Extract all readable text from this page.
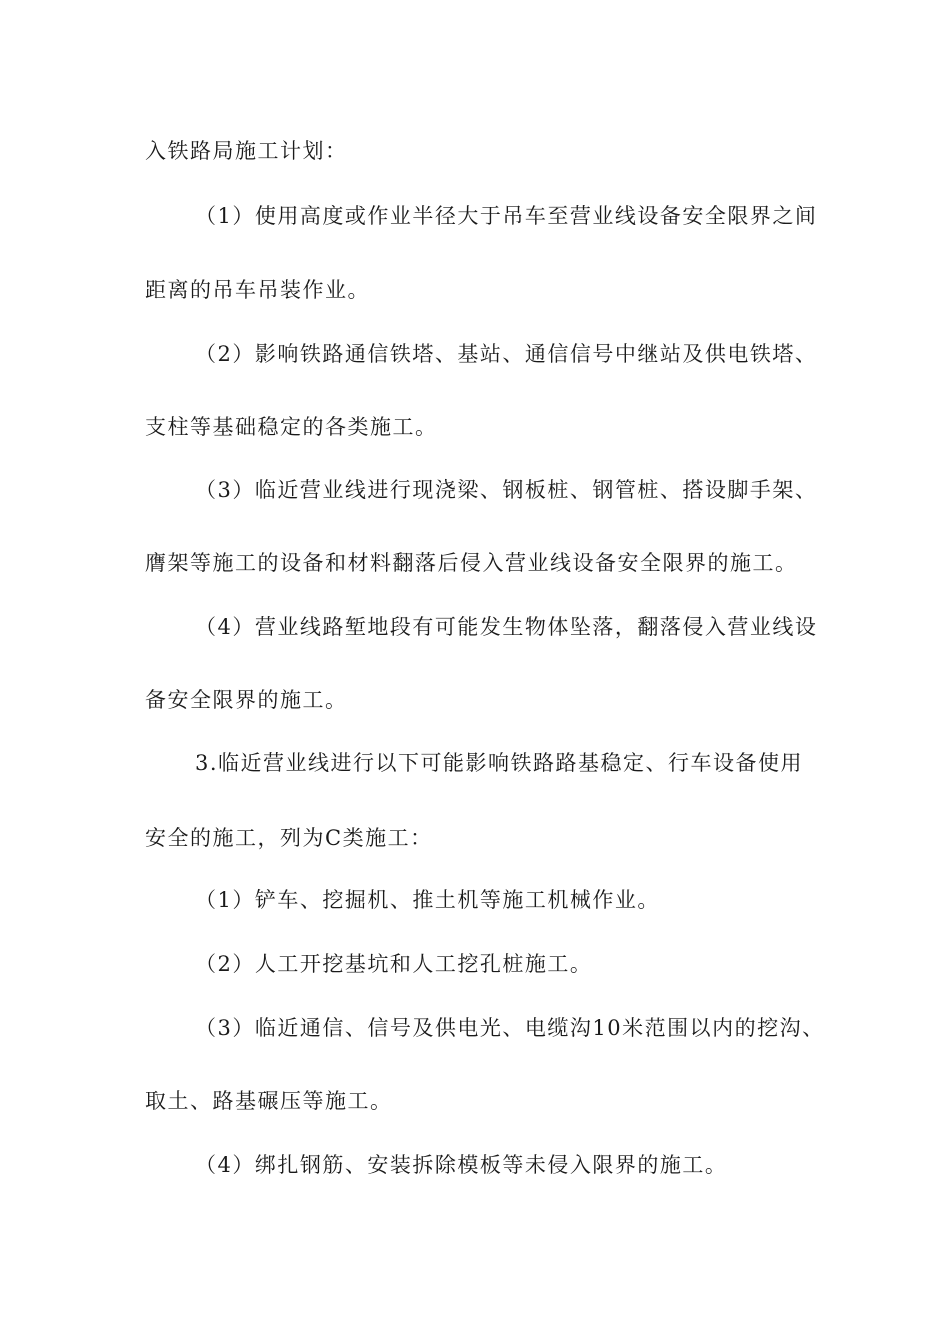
入铁路局施工计划：
（1）使用高度或作业半径大于吊车至营业线设备安全限界之间
距离的吊车吊装作业。
（2）影响铁路通信铁塔、基站、通信信号中继站及供电铁塔、
支柱等基础稳定的各类施工。
（3）临近营业线进行现浇梁、钢板桩、钢管桩、搭设脚手架、
膺架等施工的设备和材料翻落后侵入营业线设备安全限界的施工。
（4）营业线路堑地段有可能发生物体坠落，翻落侵入营业线设
备安全限界的施工。
3.临近营业线进行以下可能影响铁路路基稳定、行车设备使用
安全的施工，列为C类施工：
（1）铲车、挖掘机、推土机等施工机械作业。
（2）人工开挖基坑和人工挖孔桩施工。
（3）临近通信、信号及供电光、电缆沟10米范围以内的挖沟、
取土、路基碾压等施工。
（4）绑扎钢筋、安装拆除模板等未侵入限界的施工。
